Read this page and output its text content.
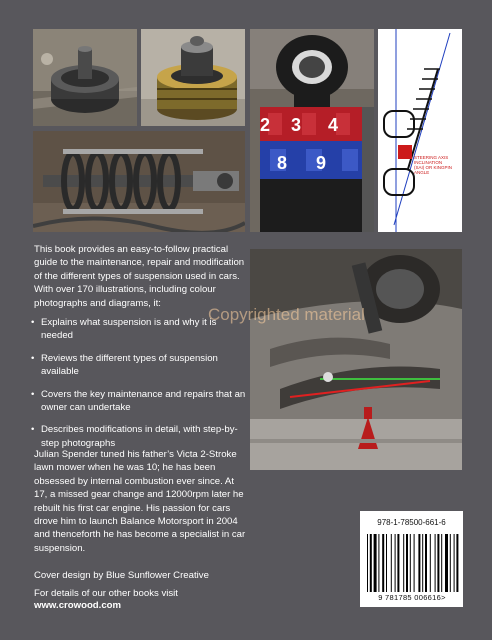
2 3 4
8 9	STEERING AXIS
INCLINATION
(SAI) OR KINGPIN
ANGLE
Copyrighted material
This book provides an easy-to-follow practical guide to the maintenance, repair and modification of the different types of suspension used in cars. With over 170 illustrations, including colour photographs and diagrams, it:
• Explains what suspension is and why it is needed
• Reviews the different types of suspension available
• Covers the key maintenance and repairs that an owner can undertake
• Describes modifications in detail, with step-by-step photographs
Julian Spender tuned his father’s Victa 2-Stroke lawn mower when he was 10; he has been obsessed by internal combustion ever since. At 17, a missed gear change and 12000rpm later he rebuilt his first car engine. His passion for cars drove him to launch Balance Motorsport in 2004 and thenceforth he has become a specialist in car suspension.
Cover design by Blue Sunflower Creative
For details of our other books visit
www.crowood.com
978-1-78500-661-6
9 781785 006616>
